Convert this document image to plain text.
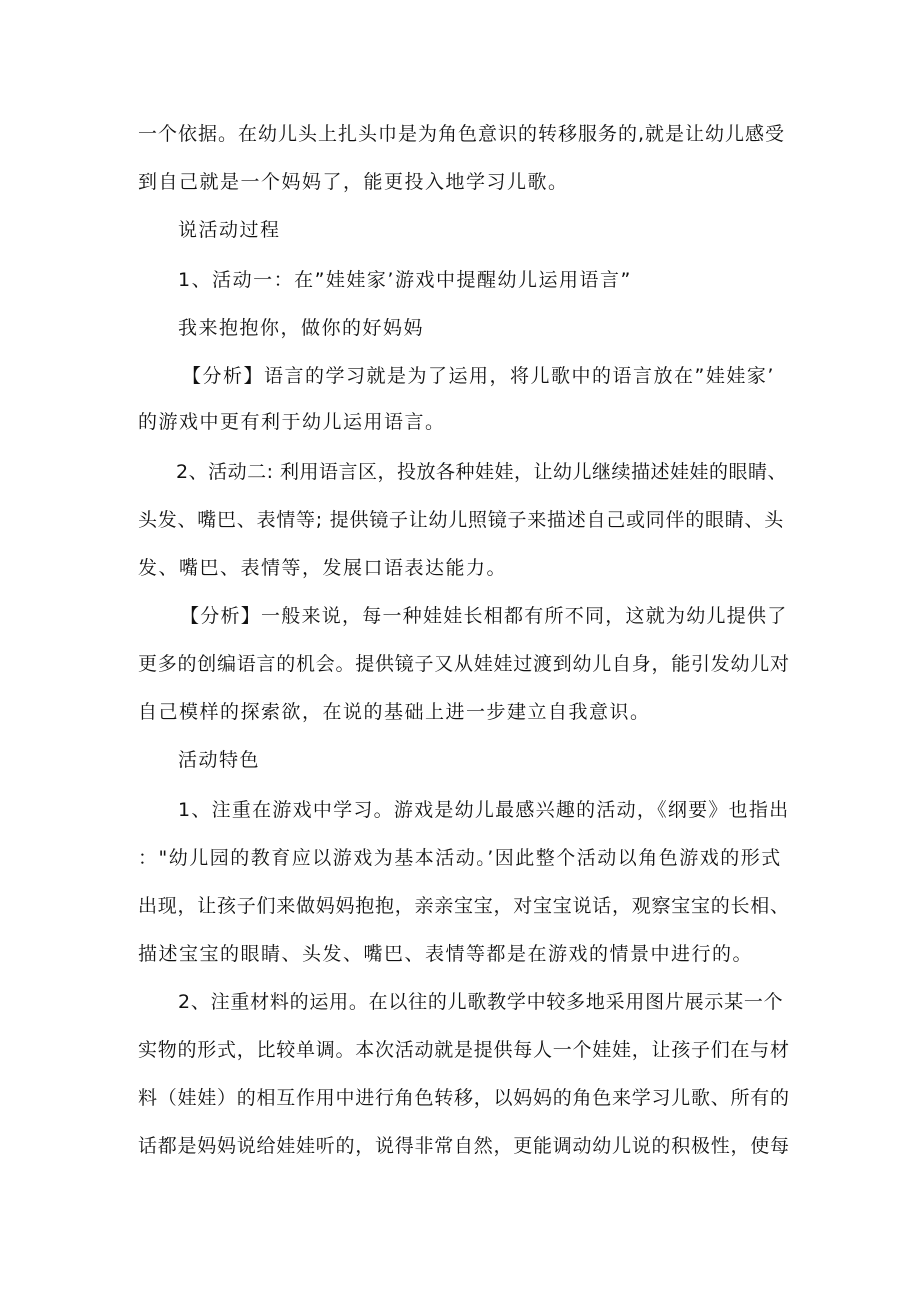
一个依据。在幼儿头上扎头巾是为角色意识的转移服务的,就是让幼儿感受
到自己就是一个妈妈了，能更投入地学习儿歌。
说活动过程
1、活动一：在”娃娃家’游戏中提醒幼儿运用语言”
我来抱抱你，做你的好妈妈
【分析】语言的学习就是为了运用，将儿歌中的语言放在”娃娃家’
的游戏中更有利于幼儿运用语言。
2、活动二: 利用语言区，投放各种娃娃，让幼儿继续描述娃娃的眼睛、
头发、嘴巴、表情等; 提供镜子让幼儿照镜子来描述自己或同伴的眼睛、头
发、嘴巴、表情等，发展口语表达能力。
【分析】一般来说，每一种娃娃长相都有所不同，这就为幼儿提供了
更多的创编语言的机会。提供镜子又从娃娃过渡到幼儿自身，能引发幼儿对
自己模样的探索欲，在说的基础上进一步建立自我意识。
活动特色
1、注重在游戏中学习。游戏是幼儿最感兴趣的活动，《纲要》也指出
："幼儿园的教育应以游戏为基本活动。’因此整个活动以角色游戏的形式
出现，让孩子们来做妈妈抱抱，亲亲宝宝，对宝宝说话，观察宝宝的长相、
描述宝宝的眼睛、头发、嘴巴、表情等都是在游戏的情景中进行的。
2、注重材料的运用。在以往的儿歌教学中较多地采用图片展示某一个
实物的形式，比较单调。本次活动就是提供每人一个娃娃，让孩子们在与材
料（娃娃）的相互作用中进行角色转移，以妈妈的角色来学习儿歌、所有的
话都是妈妈说给娃娃听的，说得非常自然，更能调动幼儿说的积极性，使每
